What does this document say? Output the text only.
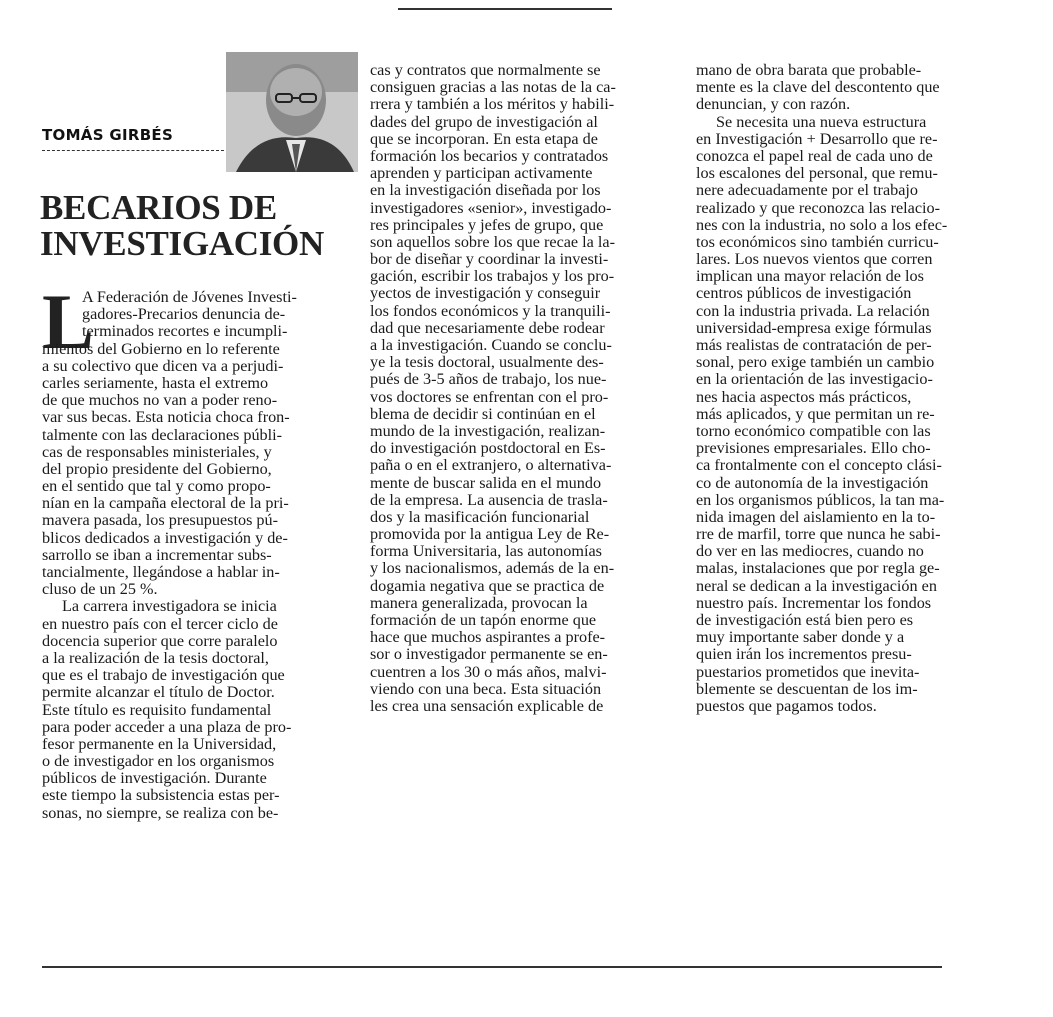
TOMÁS GIRBÉS
BECARIOS DE
INVESTIGACIÓN
L
A Federación de Jóvenes Investi-
gadores-Precarios denuncia de-
terminados recortes e incumpli-
mientos del Gobierno en lo referente
a su colectivo que dicen va a perjudi-
carles seriamente, hasta el extremo
de que muchos no van a poder reno-
var sus becas. Esta noticia choca fron-
talmente con las declaraciones públi-
cas de responsables ministeriales, y
del propio presidente del Gobierno,
en el sentido que tal y como propo-
nían en la campaña electoral de la pri-
mavera pasada, los presupuestos pú-
blicos dedicados a investigación y de-
sarrollo se iban a incrementar subs-
tancialmente, llegándose a hablar in-
cluso de un 25 %.
La carrera investigadora se inicia
en nuestro país con el tercer ciclo de
docencia superior que corre paralelo
a la realización de la tesis doctoral,
que es el trabajo de investigación que
permite alcanzar el título de Doctor.
Este título es requisito fundamental
para poder acceder a una plaza de pro-
fesor permanente en la Universidad,
o de investigador en los organismos
públicos de investigación. Durante
este tiempo la subsistencia estas per-
sonas, no siempre, se realiza con be-
cas y contratos que normalmente se
consiguen gracias a las notas de la ca-
rrera y también a los méritos y habili-
dades del grupo de investigación al
que se incorporan. En esta etapa de
formación los becarios y contratados
aprenden y participan activamente
en la investigación diseñada por los
investigadores «senior», investigado-
res principales y jefes de grupo, que
son aquellos sobre los que recae la la-
bor de diseñar y coordinar la investi-
gación, escribir los trabajos y los pro-
yectos de investigación y conseguir
los fondos económicos y la tranquili-
dad que necesariamente debe rodear
a la investigación. Cuando se conclu-
ye la tesis doctoral, usualmente des-
pués de 3-5 años de trabajo, los nue-
vos doctores se enfrentan con el pro-
blema de decidir si continúan en el
mundo de la investigación, realizan-
do investigación postdoctoral en Es-
paña o en el extranjero, o alternativa-
mente de buscar salida en el mundo
de la empresa. La ausencia de trasla-
dos y la masificación funcionarial
promovida por la antigua Ley de Re-
forma Universitaria, las autonomías
y los nacionalismos, además de la en-
dogamia negativa que se practica de
manera generalizada, provocan la
formación de un tapón enorme que
hace que muchos aspirantes a profe-
sor o investigador permanente se en-
cuentren a los 30 o más años, malvi-
viendo con una beca. Esta situación
les crea una sensación explicable de
mano de obra barata que probable-
mente es la clave del descontento que
denuncian, y con razón.
Se necesita una nueva estructura
en Investigación + Desarrollo que re-
conozca el papel real de cada uno de
los escalones del personal, que remu-
nere adecuadamente por el trabajo
realizado y que reconozca las relacio-
nes con la industria, no solo a los efec-
tos económicos sino también curricu-
lares. Los nuevos vientos que corren
implican una mayor relación de los
centros públicos de investigación
con la industria privada. La relación
universidad-empresa exige fórmulas
más realistas de contratación de per-
sonal, pero exige también un cambio
en la orientación de las investigacio-
nes hacia aspectos más prácticos,
más aplicados, y que permitan un re-
torno económico compatible con las
previsiones empresariales. Ello cho-
ca frontalmente con el concepto clási-
co de autonomía de la investigación
en los organismos públicos, la tan ma-
nida imagen del aislamiento en la to-
rre de marfil, torre que nunca he sabi-
do ver en las mediocres, cuando no
malas, instalaciones que por regla ge-
neral se dedican a la investigación en
nuestro país. Incrementar los fondos
de investigación está bien pero es
muy importante saber donde y a
quien irán los incrementos presu-
puestarios prometidos que inevita-
blemente se descuentan de los im-
puestos que pagamos todos.
